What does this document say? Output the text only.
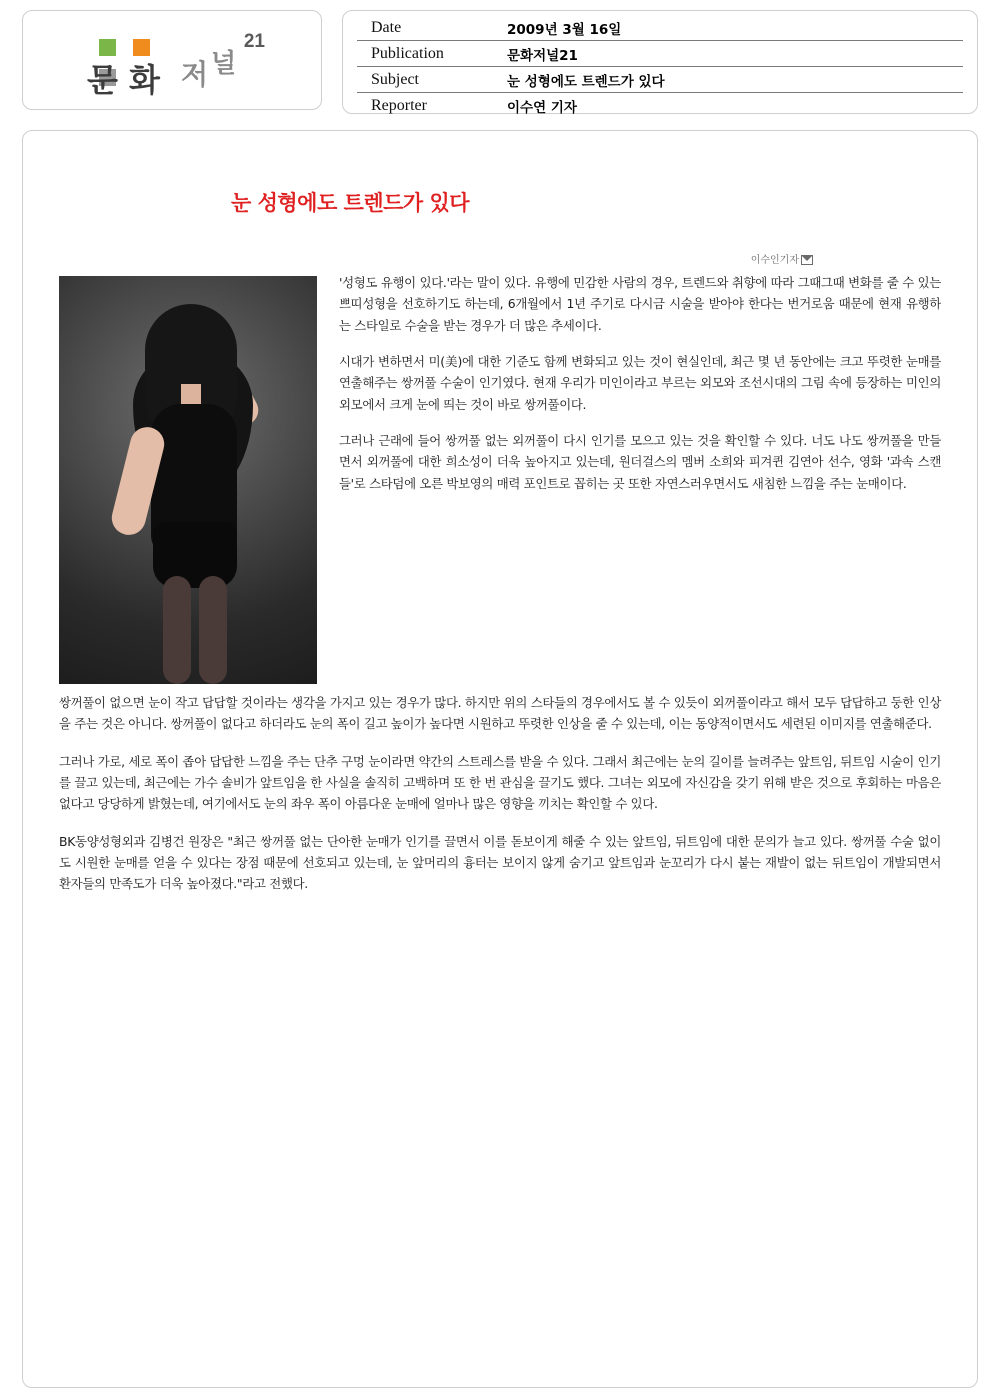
문 화 저 널
21
Date	2009년 3월 16일
Publication	문화저널21
Subject	눈 성형에도 트렌드가 있다
Reporter	이수연 기자
눈 성형에도 트렌드가 있다
이수인기자

'성형도 유행이 있다.'라는 말이 있다. 유행에 민감한 사람의 경우, 트렌드와 취향에 따라 그때그때 변화를 줄 수 있는 쁘띠성형을 선호하기도 하는데, 6개월에서 1년 주기로 다시금 시술을 받아야 한다는 번거로움 때문에 현재 유행하는 스타일로 수술을 받는 경우가 더 많은 추세이다.

시대가 변하면서 미(美)에 대한 기준도 함께 변화되고 있는 것이 현실인데, 최근 몇 년 동안에는 크고 뚜렷한 눈매를 연출해주는 쌍꺼풀 수술이 인기였다. 현재 우리가 미인이라고 부르는 외모와 조선시대의 그림 속에 등장하는 미인의 외모에서 크게 눈에 띄는 것이 바로 쌍꺼풀이다.

그러나 근래에 들어 쌍꺼풀 없는 외꺼풀이 다시 인기를 모으고 있는 것을 확인할 수 있다. 너도 나도 쌍꺼풀을 만들면서 외꺼풀에 대한 희소성이 더욱 높아지고 있는데, 원더걸스의 멤버 소희와 피겨퀸 김연아 선수, 영화 '과속 스캔들'로 스타덤에 오른 박보영의 매력 포인트로 꼽히는 곳 또한 자연스러우면서도 새침한 느낌을 주는 눈매이다.

쌍꺼풀이 없으면 눈이 작고 답답할 것이라는 생각을 가지고 있는 경우가 많다. 하지만 위의 스타들의 경우에서도 볼 수 있듯이 외꺼풀이라고 해서 모두 답답하고 둥한 인상을 주는 것은 아니다. 쌍꺼풀이 없다고 하더라도 눈의 폭이 길고 높이가 높다면 시원하고 뚜렷한 인상을 줄 수 있는데, 이는 동양적이면서도 세련된 이미지를 연출해준다.

그러나 가로, 세로 폭이 좁아 답답한 느낌을 주는 단추 구멍 눈이라면 약간의 스트레스를 받을 수 있다. 그래서 최근에는 눈의 길이를 늘려주는 앞트임, 뒤트임 시술이 인기를 끌고 있는데, 최근에는 가수 솔비가 앞트임을 한 사실을 솔직히 고백하며 또 한 번 관심을 끌기도 했다. 그녀는 외모에 자신감을 갖기 위해 받은 것으로 후회하는 마음은 없다고 당당하게 밝혔는데, 여기에서도 눈의 좌우 폭이 아름다운 눈매에 얼마나 많은 영향을 끼치는 확인할 수 있다.

BK동양성형외과 김병건 원장은 "최근 쌍꺼풀 없는 단아한 눈매가 인기를 끌면서 이를 돋보이게 해줄 수 있는 앞트임, 뒤트임에 대한 문의가 늘고 있다. 쌍꺼풀 수술 없이도 시원한 눈매를 얻을 수 있다는 장점 때문에 선호되고 있는데, 눈 앞머리의 흉터는 보이지 않게 숨기고 앞트임과 눈꼬리가 다시 붙는 재발이 없는 뒤트임이 개발되면서 환자들의 만족도가 더욱 높아졌다."라고 전했다.
